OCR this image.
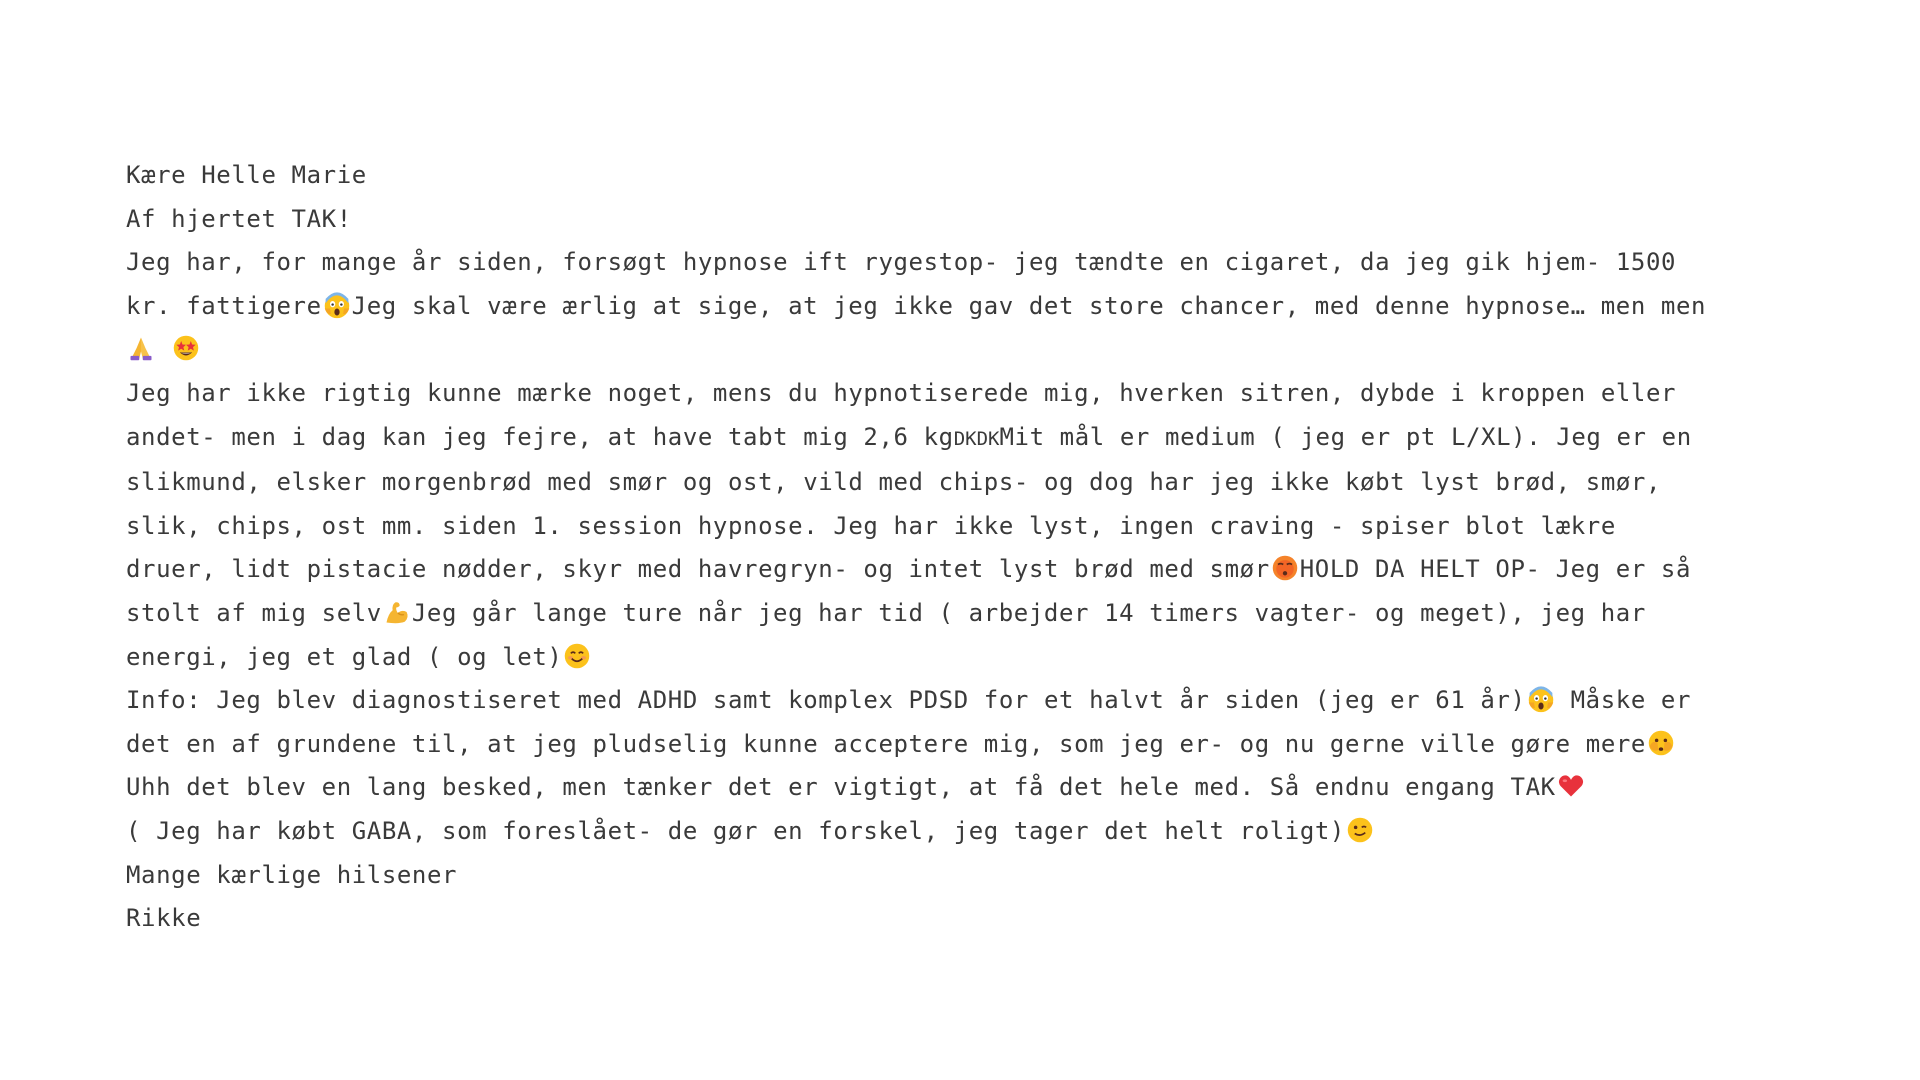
Kære Helle Marie

Af hjertet TAK!

Jeg har, for mange år siden, forsøgt hypnose ift rygestop- jeg tændte en cigaret, da jeg gik hjem- 1500

kr. fattigere Jeg skal være ærlig at sige, at jeg ikke gav det store chancer, med denne hypnose… men men

Jeg har ikke rigtig kunne mærke noget, mens du hypnotiserede mig, hverken sitren, dybde i kroppen eller

andet- men i dag kan jeg fejre, at have tabt mig 2,6 kgDKDKMit mål er medium ( jeg er pt L/XL). Jeg er en

slikmund, elsker morgenbrød med smør og ost, vild med chips- og dog har jeg ikke købt lyst brød, smør,

slik, chips, ost mm. siden 1. session hypnose. Jeg har ikke lyst, ingen craving - spiser blot lækre

druer, lidt pistacie nødder, skyr med havregryn- og intet lyst brød med smør HOLD DA HELT OP- Jeg er så

stolt af mig selv Jeg går lange ture når jeg har tid ( arbejder 14 timers vagter- og meget), jeg har

energi, jeg et glad ( og let)

Info: Jeg blev diagnostiseret med ADHD samt komplex PDSD for et halvt år siden (jeg er 61 år)
Måske er

det en af grundene til, at jeg pludselig kunne acceptere mig, som jeg er- og nu gerne ville gøre mere

Uhh det blev en lang besked, men tænker det er vigtigt, at få det hele med. Så endnu engang TAK

( Jeg har købt GABA, som foreslået- de gør en forskel, jeg tager det helt roligt)

Mange kærlige hilsener

Rikke
